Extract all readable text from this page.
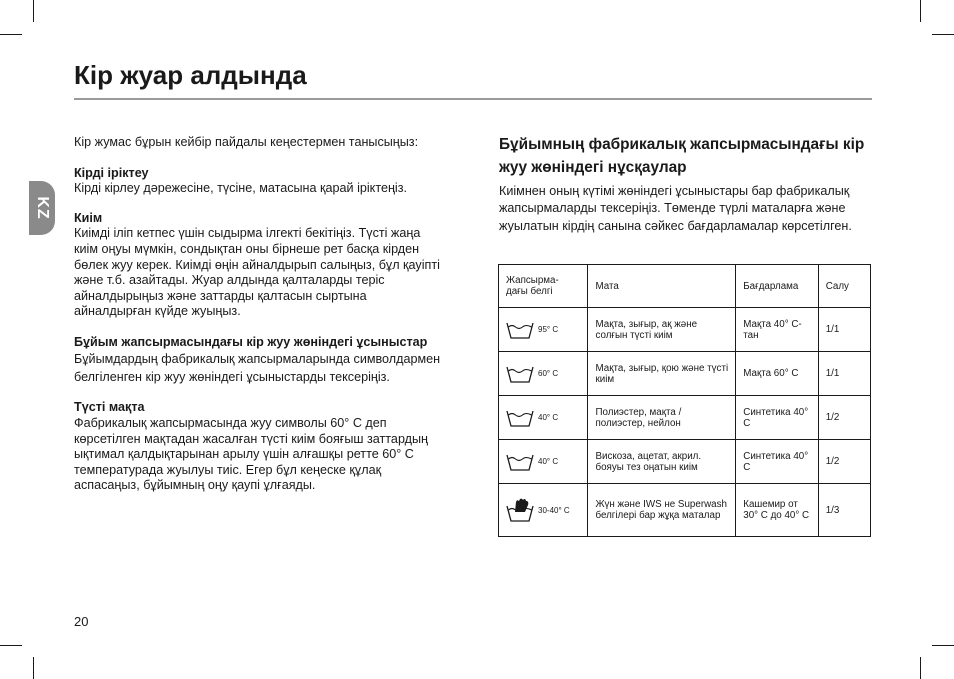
Кір жуар алдында
KZ

Кір жумас бұрын кейбір пайдалы кеңестермен танысыңыз:

Кірді іріктеу

Кірді кірлеу дәрежесіне, түсіне, матасына қарай іріктеңіз.

Киім

Киімді іліп кетпес үшін сыдырма ілгекті бекітіңіз. Түсті жаңа киім оңуы мүмкін, сондықтан оны бірнеше рет басқа кірден бөлек жуу керек. Киімді өңін айналдырып салыңыз, бұл қауіпті және т.б. азайтады. Жуар алдында қалталарды теріс айналдырыңыз және заттарды қалтасын сыртына айналдырған күйде жуыңыз.

Бұйым жапсырмасындағы кір жуу жөніндегі ұсыныстар

Бұйымдардың фабрикалық жапсырмаларында символдармен белгіленген кір жуу жөніндегі ұсыныстарды тексеріңіз.

Түсті мақта

Фабрикалық жапсырмасында жуу символы 60° С деп көрсетілген мақтадан жасалған түсті киім бояғыш заттардың ықтимал қалдықтарынан арылу үшін алғашқы ретте 60° С температурада жуылуы тиіс. Егер бұл кеңеске құлақ аспасаңыз, бұйымның оңу қаупі ұлғаяды.

Бұйымның фабрикалық жапсырмасындағы кір жуу жөніндегі нұсқаулар

Киімнен оның күтімі жөніндегі ұсыныстары бар фабрикалық жапсырмаларды тексеріңіз. Төменде түрлі маталарға және жуылатын кірдің санына сәйкес бағдарламалар көрсетілген.

Жапсырма-дағы белгі	Мата	Бағдарлама	Салу

95° С	Мақта, зығыр, ақ және солғын түсті киім	Мақта 40° С-тан	1/1

60° С	Мақта, зығыр, қою және түсті киім	Мақта 60° С	1/1

40° С	Полиэстер, мақта / полиэстер, нейлон	Синтетика 40° С	1/2

40° С	Вискоза, ацетат, акрил. бояуы тез оңатын киім	Синтетика 40° С	1/2

30-40° С	Жүн және IWS не Superwash белгілері бар жұқа маталар	Кашемир от 30° С до 40° С	1/3
20
